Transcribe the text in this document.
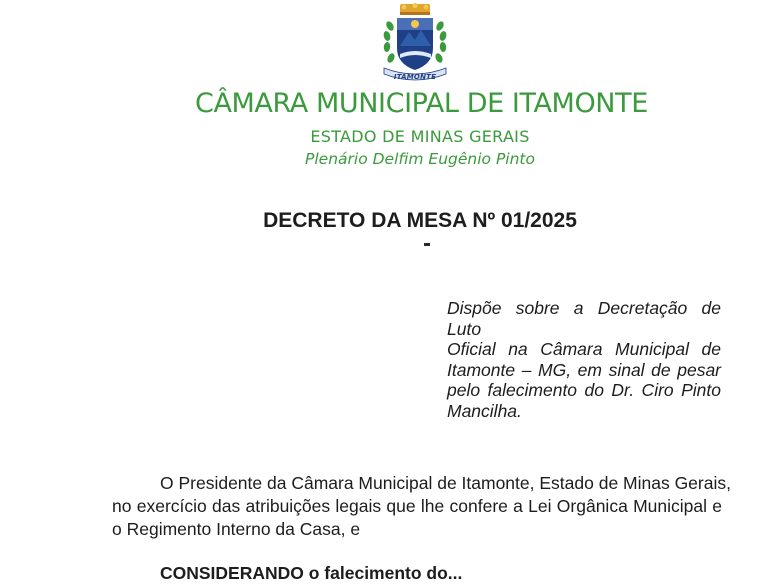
ITAMONTE
CÂMARA MUNICIPAL DE ITAMONTE
ESTADO DE MINAS GERAIS
Plenário Delfim Eugênio Pinto
DECRETO DA MESA Nº 01/2025
Dispõe sobre a Decretação de Luto
Oficial na Câmara Municipal de
Itamonte – MG, em sinal de pesar
pelo falecimento do Dr. Ciro Pinto
Mancilha.
O Presidente da Câmara Municipal de Itamonte, Estado de Minas Gerais,
no exercício das atribuições legais que lhe confere a Lei Orgânica Municipal e
o Regimento Interno da Casa, e
CONSIDERANDO o falecimento do...
